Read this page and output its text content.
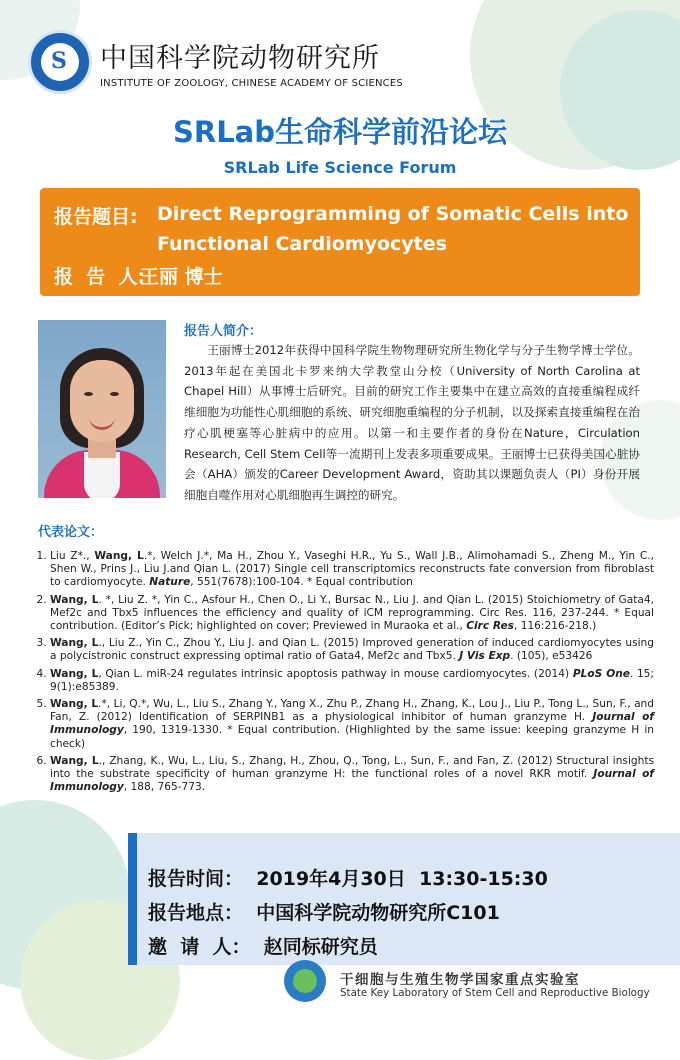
S 中国科学院动物研究所
INSTITUTE OF ZOOLOGY, CHINESE ACADEMY OF SCIENCES
SRLab生命科学前沿论坛
SRLab Life Science Forum
报告题目: Direct Reprogramming of Somatic Cells into
Functional Cardiomyocytes
报  告  人:
王丽 博士
报告人简介：
王丽博士2012年获得中国科学院生物物理研究所生物化学与分子生物学博士学位。2013年起在美国北卡罗来纳大学教堂山分校（University of North Carolina at Chapel Hill）从事博士后研究。目前的研究工作主要集中在建立高效的直接重编程成纤维细胞为功能性心肌细胞的系统、研究细胞重编程的分子机制，以及探索直接重编程在治疗心肌梗塞等心脏病中的应用。以第一和主要作者的身份在Nature，Circulation Research, Cell Stem Cell等一流期刊上发表多项重要成果。王丽博士已获得美国心脏协会（AHA）颁发的Career Development Award，资助其以课题负责人（PI）身份开展细胞自噬作用对心肌细胞再生调控的研究。
代表论文：
1. Liu Z*., Wang, L.*, Welch J.*, Ma H., Zhou Y., Vaseghi H.R., Yu S., Wall J.B., Alimohamadi S., Zheng M., Yin C., Shen W., Prins J., Liu J.and Qian L. (2017) Single cell transcriptomics reconstructs fate conversion from fibroblast to cardiomyocyte. Nature, 551(7678):100-104. * Equal contribution
2. Wang, L. *, Liu Z. *, Yin C., Asfour H., Chen O., Li Y., Bursac N., Liu J. and Qian L. (2015) Stoichiometry of Gata4, Mef2c and Tbx5 influences the efficiency and quality of iCM reprogramming. Circ Res. 116, 237-244. * Equal contribution. (Editor’s Pick; highlighted on cover; Previewed in Muraoka et al., Circ Res, 116:216-218.)
3. Wang, L., Liu Z., Yin C., Zhou Y., Liu J. and Qian L. (2015) Improved generation of induced cardiomyocytes using a polycistronic construct expressing optimal ratio of Gata4, Mef2c and Tbx5. J Vis Exp. (105), e53426
4. Wang, L, Qian L. miR-24 regulates intrinsic apoptosis pathway in mouse cardiomyocytes. (2014) PLoS One. 15; 9(1):e85389.
5. Wang, L.*, Li, Q.*, Wu, L., Liu S., Zhang Y., Yang X., Zhu P., Zhang H., Zhang, K., Lou J., Liu P., Tong L., Sun, F., and Fan, Z. (2012) Identification of SERPINB1 as a physiological inhibitor of human granzyme H. Journal of Immunology, 190, 1319-1330. * Equal contribution. (Highlighted by the same issue: keeping granzyme H in check)
6. Wang, L., Zhang, K., Wu, L., Liu, S., Zhang, H., Zhou, Q., Tong, L., Sun, F., and Fan, Z. (2012) Structural insights into the substrate specificity of human granzyme H: the functional roles of a novel RKR motif. Journal of Immunology, 188, 765-773.
报告时间：  2019年4月30日  13:30-15:30
报告地点：  中国科学院动物研究所C101
邀  请  人：  赵同标研究员
干细胞与生殖生物学国家重点实验室
State Key Laboratory of Stem Cell and Reproductive Biology
